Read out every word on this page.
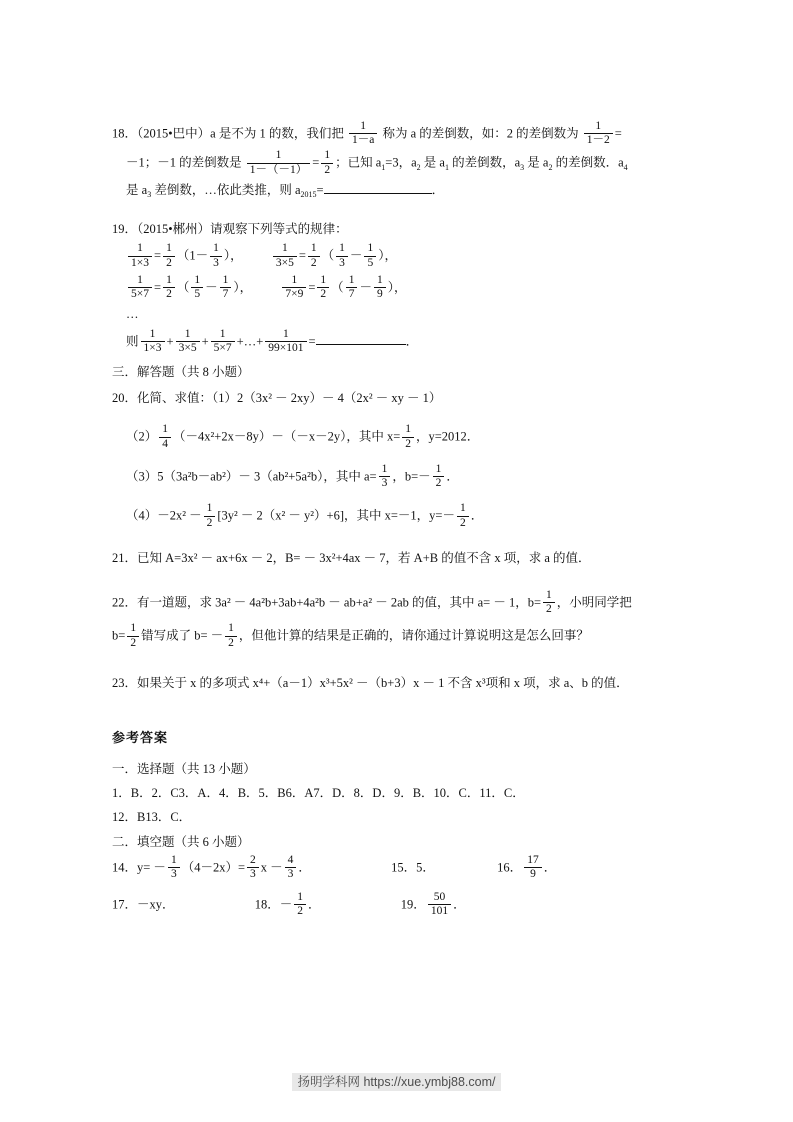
18．（2015•巴中）a 是不为 1 的数，我们把 $\frac{1}{1-a}$ 称为 a 的差倒数，如：2 的差倒数为 $\frac{1}{1-2}$ =
－1；－1 的差倒数是 $\frac{1}{1-(-1)} = \frac{1}{2}$ ；已知 $a_1=3$，$a_2$ 是 $a_1$ 的差倒数，$a_3$ 是 $a_2$ 的差倒数．$a_4$
是 $a_3$ 差倒数，…依此类推，则 $a_{2015}=$	．
19．（2015•郴州）请观察下列等式的规律：
$\frac{1}{1\times 3} = \frac{1}{2} (1- \frac{1}{3}$ ），	$\frac{1}{3\times 5} = \frac{1}{2}$ （ $\frac{1}{3} - \frac{1}{5}$ ），
$\frac{1}{5\times 7} = \frac{1}{2}$ （ $\frac{1}{5} - \frac{1}{7}$ ），	$\frac{1}{7\times 9} = \frac{1}{2}$ （ $\frac{1}{7} - \frac{1}{9}$ ），
…
则 $\frac{1}{1\times 3} + \frac{1}{3\times 5} + \frac{1}{5\times 7}$ +…+ $\frac{1}{99\times 101}$ =	．
三．解答题（共 8 小题）
20．化简、求值：（1）2（3x² － 2xy）－ 4（2x² － xy － 1）
$(2) \frac{1}{4} (-4x^2+2x-8y)-(-x-2y)$，其中 $x= \frac{1}{2}$ ，y=2012．
（3）5（3a²b－ab²）－ 3（ab²+5a²b），其中 $a= \frac{1}{3}$ ，$b=- \frac{1}{2}$ ．
$(4)-2x^2 - \frac{1}{2} [3y^2 - 2(x^2 - y^2)+6]$，其中 x=－1，$y=- \frac{1}{2}$ ．
21．已知 A=3x² － ax+6x － 2，B= － 3x²+4ax － 7，若 A+B 的值不含 x 项，求 a 的值．
22．有一道题，求 3a² － 4a²b+3ab+4a²b － ab+a² － 2ab 的值，其中 a= － 1，$b= \frac{1}{2}$ ，小明同学把
$b= \frac{1}{2}$ 错写成了 $b= - \frac{1}{2}$ ，但他计算的结果是正确的，请你通过计算说明这是怎么回事？
23．如果关于 x 的多项式 x⁴+（a－1）x³+5x² －（b+3）x － 1 不含 x³项和 x 项，求 a、b 的值．
参考答案
一．选择题（共 13 小题）
1．B．2．C3．A．4．B．5．B6．A7．D．8．D．9．B．10．C．11．C．
12．B13．C．
二．填空题（共 6 小题）
14．$y= - \frac{1}{3} (4-2x)= \frac{2}{3}$ $x - \frac{4}{3}$ ．	15．5．	16． $\frac{17}{9}$ ．
17．－xy．	18．－ $\frac{1}{2}$ ．	19． $\frac{50}{101}$ ．
扬明学科网 https://xue.ymbj88.com/
